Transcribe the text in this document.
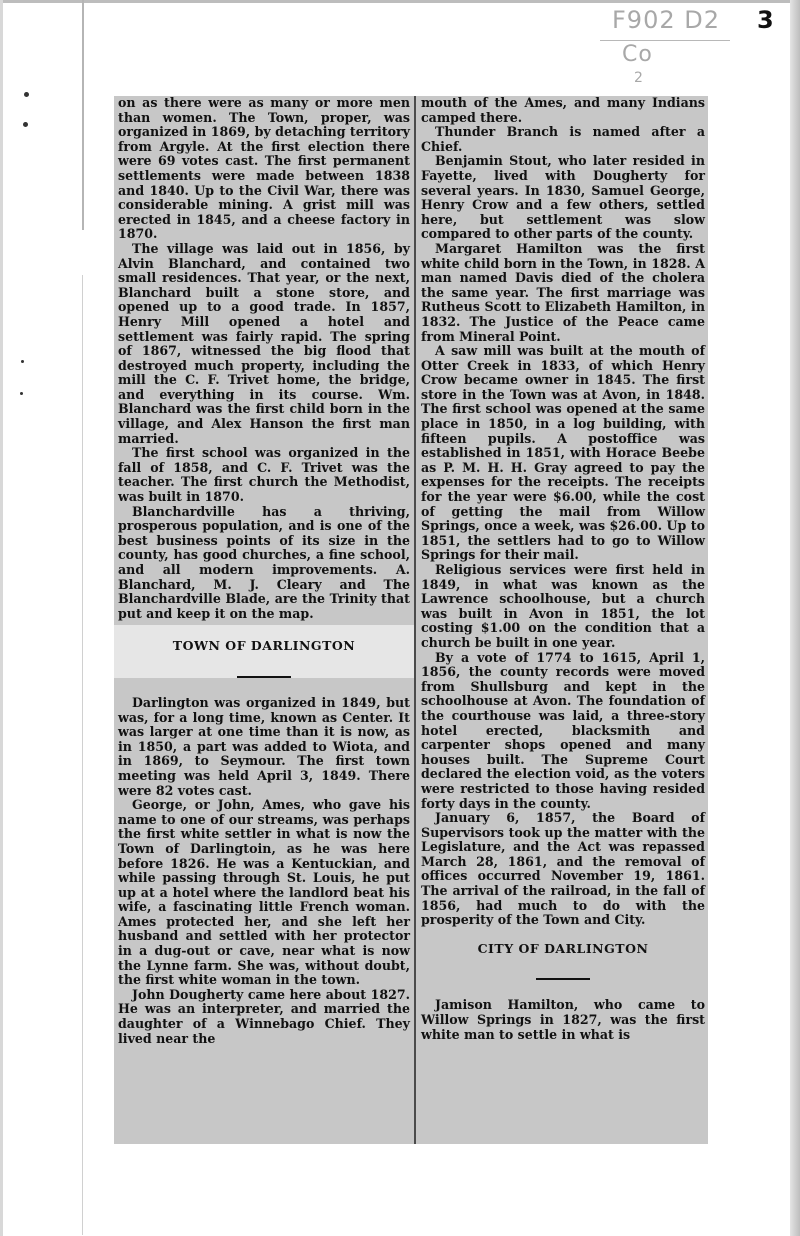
F902 D2
Co
2
3

on as there were as many or more men than women. The Town, proper, was organized in 1869, by detaching territory from Argyle. At the first election there were 69 votes cast. The first permanent settlements were made between 1838 and 1840. Up to the Civil War, there was considerable mining. A grist mill was erected in 1845, and a cheese factory in 1870.

The village was laid out in 1856, by Alvin Blanchard, and contained two small residences. That year, or the next, Blanchard built a stone store, and opened up to a good trade. In 1857, Henry Mill opened a hotel and settlement was fairly rapid. The spring of 1867, witnessed the big flood that destroyed much property, including the mill the C. F. Trivet home, the bridge, and everything in its course. Wm. Blanchard was the first child born in the village, and Alex Hanson the first man married.

The first school was organized in the fall of 1858, and C. F. Trivet was the teacher. The first church the Methodist, was built in 1870.

Blanchardville has a thriving, prosperous population, and is one of the best business points of its size in the county, has good churches, a fine school, and all modern improvements. A. Blanchard, M. J. Cleary and The Blanchardville Blade, are the Trinity that put and keep it on the map.

TOWN OF DARLINGTON

Darlington was organized in 1849, but was, for a long time, known as Center. It was larger at one time than it is now, as in 1850, a part was added to Wiota, and in 1869, to Seymour. The first town meeting was held April 3, 1849. There were 82 votes cast.

George, or John, Ames, who gave his name to one of our streams, was perhaps the first white settler in what is now the Town of Darlingtoin, as he was here before 1826. He was a Kentuckian, and while passing through St. Louis, he put up at a hotel where the landlord beat his wife, a fascinating little French woman. Ames protected her, and she left her husband and settled with her protector in a dug-out or cave, near what is now the Lynne farm. She was, without doubt, the first white woman in the town.

John Dougherty came here about 1827. He was an interpreter, and married the daughter of a Winnebago Chief. They lived near the

mouth of the Ames, and many Indians camped there.

Thunder Branch is named after a Chief.

Benjamin Stout, who later resided in Fayette, lived with Dougherty for several years. In 1830, Samuel George, Henry Crow and a few others, settled here, but settlement was slow compared to other parts of the county.

Margaret Hamilton was the first white child born in the Town, in 1828. A man named Davis died of the cholera the same year. The first marriage was Rutheus Scott to Elizabeth Hamilton, in 1832. The Justice of the Peace came from Mineral Point.

A saw mill was built at the mouth of Otter Creek in 1833, of which Henry Crow became owner in 1845. The first store in the Town was at Avon, in 1848. The first school was opened at the same place in 1850, in a log building, with fifteen pupils. A postoffice was established in 1851, with Horace Beebe as P. M. H. H. Gray agreed to pay the expenses for the receipts. The receipts for the year were $6.00, while the cost of getting the mail from Willow Springs, once a week, was $26.00. Up to 1851, the settlers had to go to Willow Springs for their mail.

Religious services were first held in 1849, in what was known as the Lawrence schoolhouse, but a church was built in Avon in 1851, the lot costing $1.00 on the condition that a church be built in one year.

By a vote of 1774 to 1615, April 1, 1856, the county records were moved from Shullsburg and kept in the schoolhouse at Avon. The foundation of the courthouse was laid, a three-story hotel erected, blacksmith and carpenter shops opened and many houses built. The Supreme Court declared the election void, as the voters were restricted to those having resided forty days in the county.

January 6, 1857, the Board of Supervisors took up the matter with the Legislature, and the Act was repassed March 28, 1861, and the removal of offices occurred November 19, 1861. The arrival of the railroad, in the fall of 1856, had much to do with the prosperity of the Town and City.

CITY OF DARLINGTON

Jamison Hamilton, who came to Willow Springs in 1827, was the first white man to settle in what is
